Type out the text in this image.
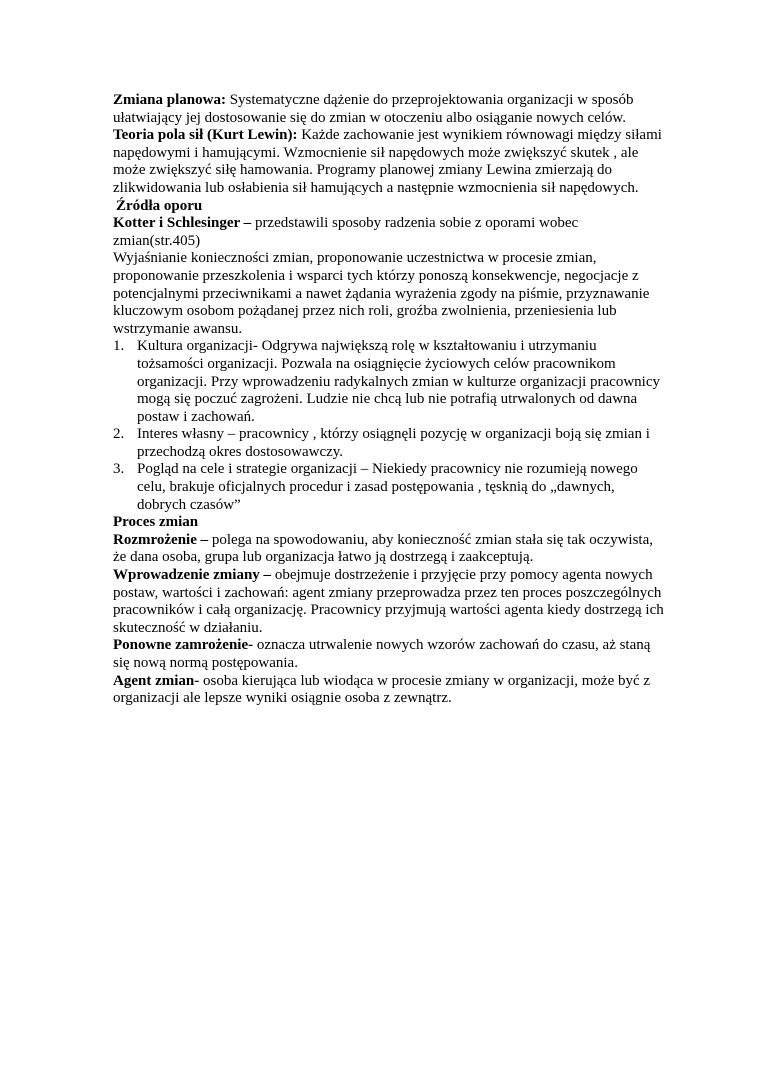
Zmiana planowa: Systematyczne dążenie do przeprojektowania organizacji w sposób ułatwiający jej dostosowanie się do zmian w otoczeniu albo osiąganie nowych celów.

Teoria pola sił (Kurt Lewin): Każde zachowanie jest wynikiem równowagi między siłami napędowymi i hamującymi. Wzmocnienie sił napędowych może zwiększyć skutek , ale może zwiększyć siłę hamowania. Programy planowej zmiany Lewina zmierzają do zlikwidowania lub osłabienia sił hamujących a następnie wzmocnienia sił napędowych.

Źródła oporu

Kotter i Schlesinger – przedstawili sposoby radzenia sobie z oporami wobec zmian(str.405)

Wyjaśnianie konieczności zmian, proponowanie uczestnictwa w procesie zmian, proponowanie przeszkolenia i wsparci tych którzy ponoszą konsekwencje, negocjacje z potencjalnymi przeciwnikami a nawet żądania wyrażenia zgody na piśmie, przyznawanie kluczowym osobom pożądanej przez nich roli, groźba zwolnienia, przeniesienia lub wstrzymanie awansu.

1. Kultura organizacji- Odgrywa największą rolę w kształtowaniu i utrzymaniu tożsamości organizacji. Pozwala na osiągnięcie życiowych celów pracownikom organizacji. Przy wprowadzeniu radykalnych zmian w kulturze organizacji pracownicy mogą się poczuć zagrożeni. Ludzie nie chcą lub nie potrafią utrwalonych od dawna postaw i zachowań.
2. Interes własny – pracownicy , którzy osiągnęli pozycję w organizacji boją się zmian i przechodzą okres dostosowawczy.
3. Pogląd na cele i strategie organizacji – Niekiedy pracownicy nie rozumieją nowego celu, brakuje oficjalnych procedur i zasad postępowania , tęsknią do „dawnych, dobrych czasów”

Proces zmian

Rozmrożenie – polega na spowodowaniu, aby konieczność zmian stała się tak oczywista, że dana osoba, grupa lub organizacja łatwo ją dostrzegą i zaakceptują.

Wprowadzenie zmiany – obejmuje dostrzeżenie i przyjęcie przy pomocy agenta nowych postaw, wartości i zachowań: agent zmiany przeprowadza przez ten proces poszczególnych pracowników i całą organizację. Pracownicy przyjmują wartości agenta kiedy dostrzegą ich skuteczność w działaniu.

Ponowne zamrożenie- oznacza utrwalenie nowych wzorów zachowań do czasu, aż staną się nową normą postępowania.

Agent zmian- osoba kierująca lub wiodąca w procesie zmiany w organizacji, może być z organizacji ale lepsze wyniki osiągnie osoba z zewnątrz.
